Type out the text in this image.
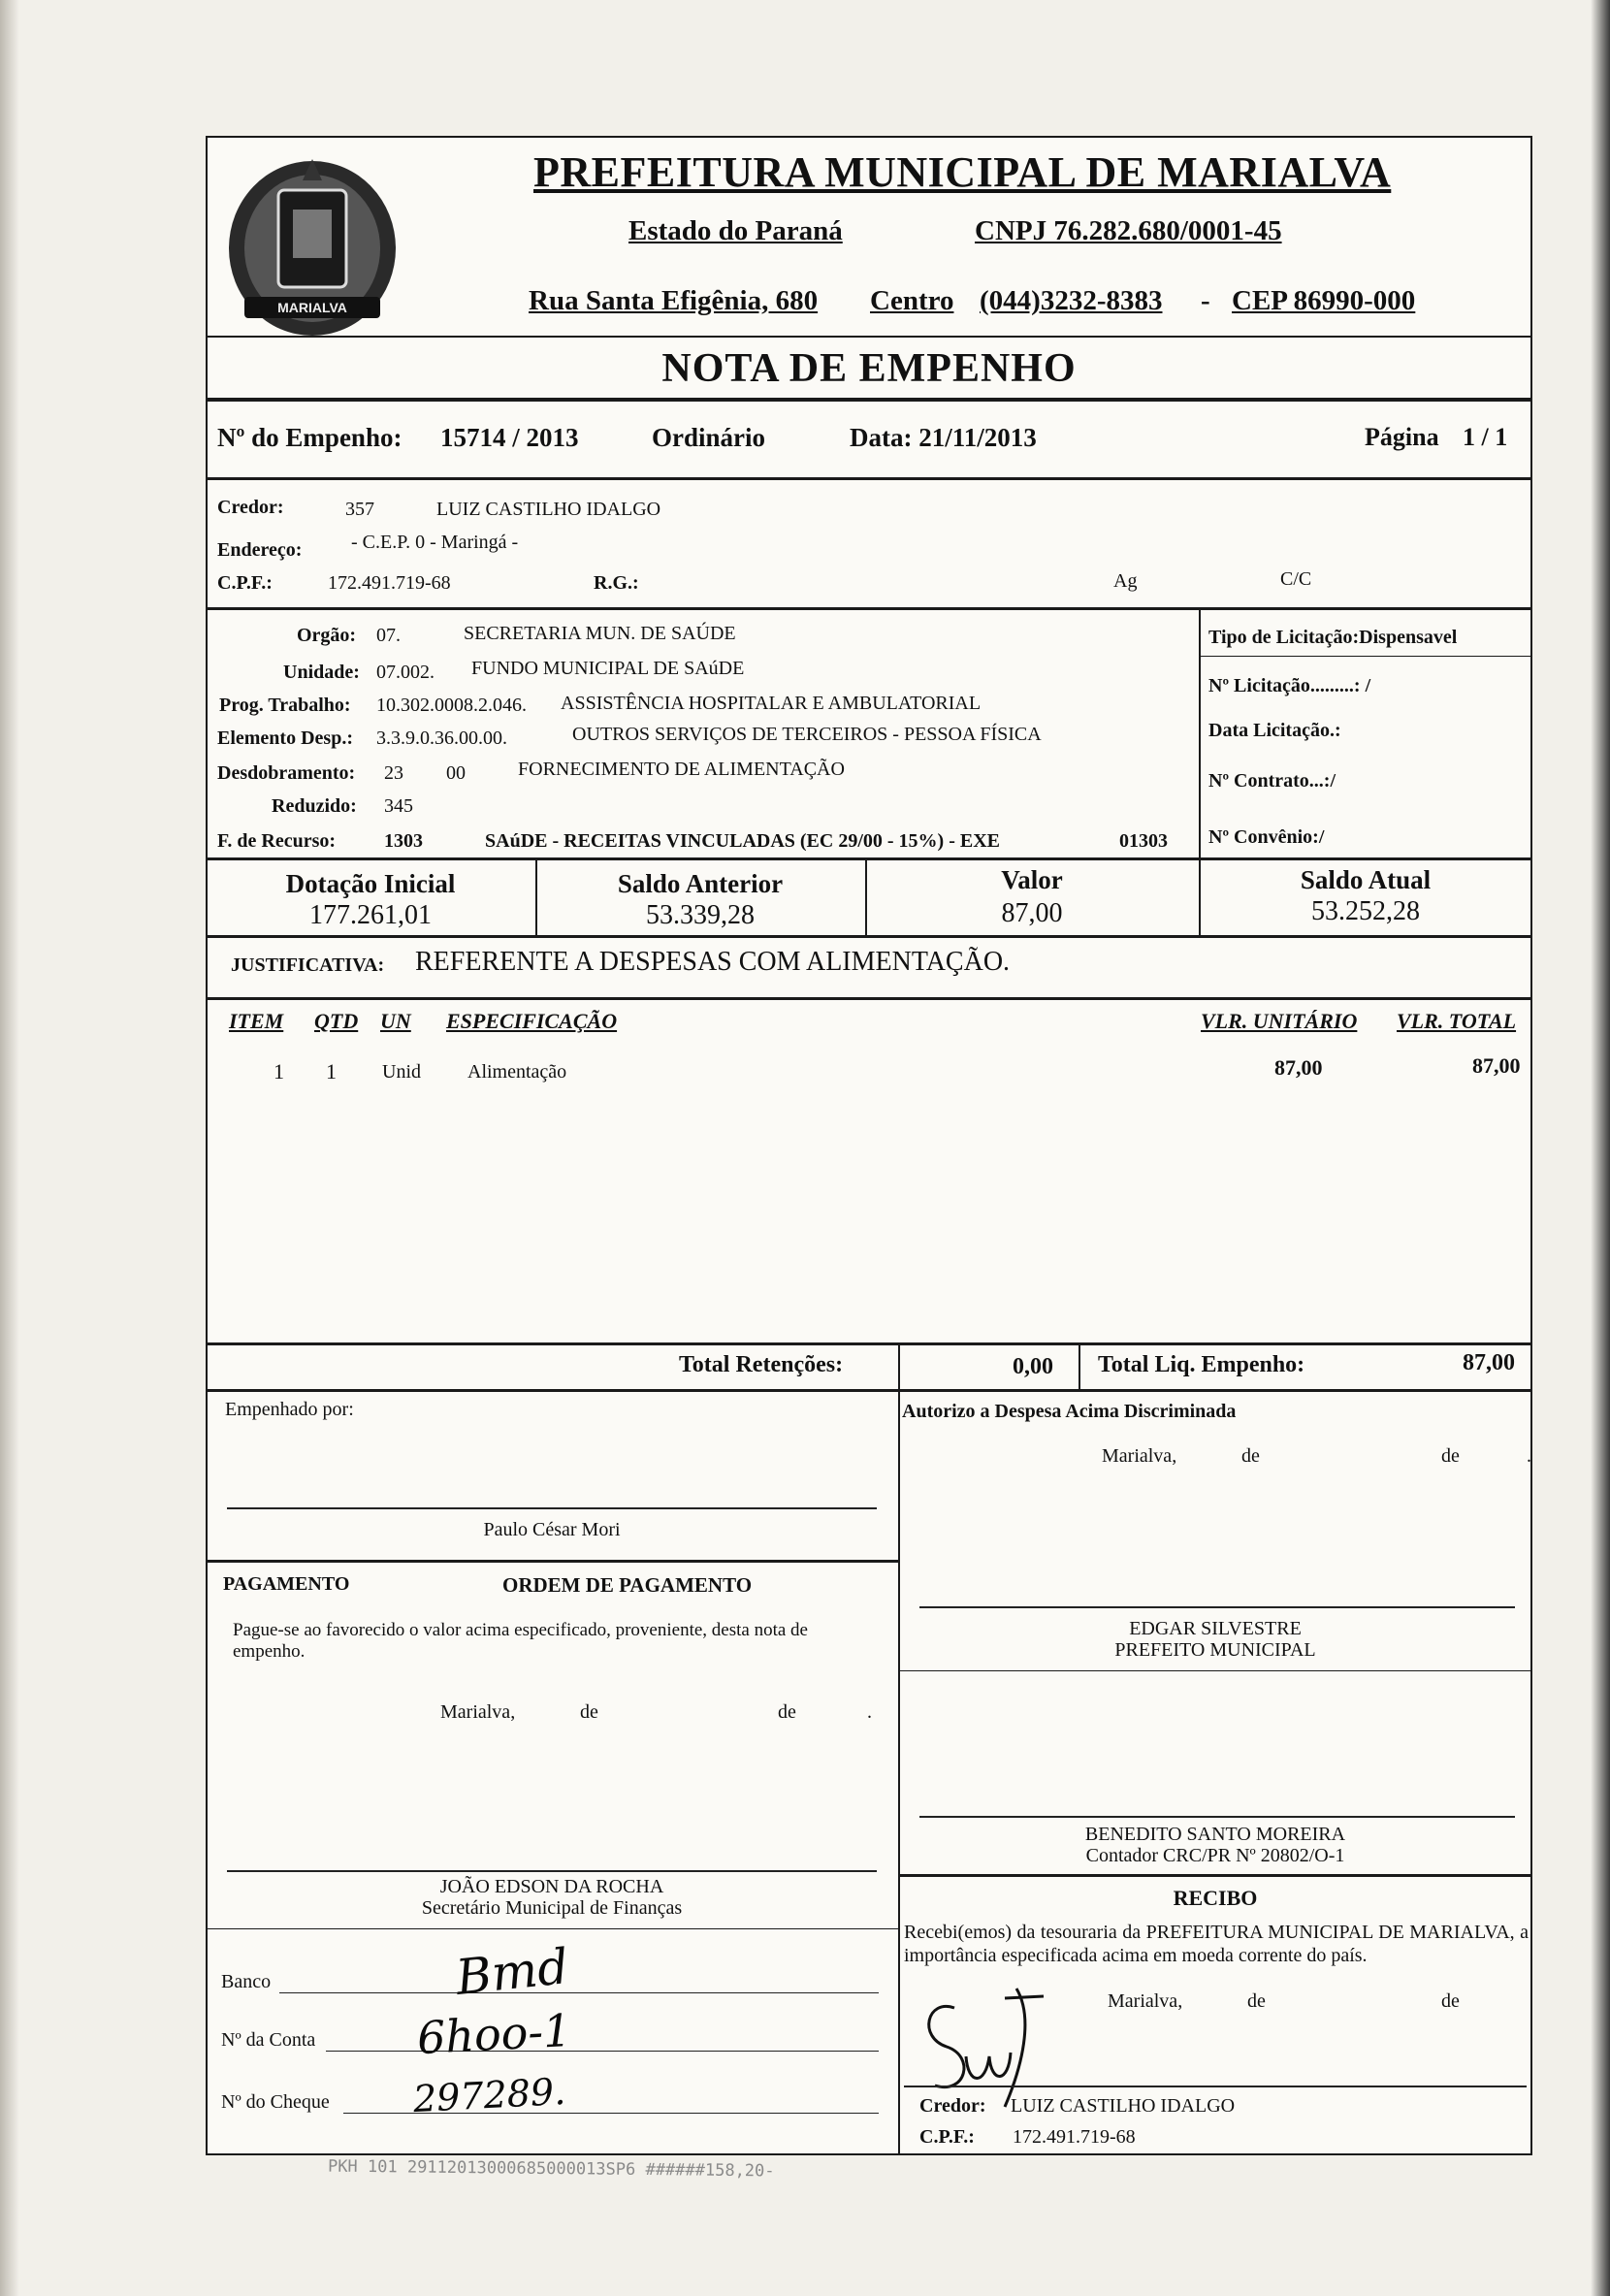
MARIALVA
PREFEITURA MUNICIPAL DE MARIALVA
Estado do Paraná	CNPJ 76.282.680/0001-45
Rua Santa Efigênia, 680 Centro (044)3232-8383 - CEP 86990-000
NOTA DE EMPENHO
Nº do Empenho: 15714 / 2013	Ordinário	Data: 21/11/2013	Página 1 / 1
Credor:	357	LUIZ CASTILHO IDALGO
Endereço:	- C.E.P. 0 - Maringá -
C.P.F.:	172.491.719-68	R.G.:	Ag	C/C
Orgão: 07.	SECRETARIA MUN. DE SAÚDE
Unidade: 07.002. FUNDO MUNICIPAL DE SAúDE
Prog. Trabalho: 10.302.0008.2.046. ASSISTÊNCIA HOSPITALAR E AMBULATORIAL
Elemento Desp.: 3.3.9.0.36.00.00.	OUTROS SERVIÇOS DE TERCEIROS - PESSOA FÍSICA
Desdobramento: 23 00	FORNECIMENTO DE ALIMENTAÇÃO
Reduzido: 345
F. de Recurso: 1303	SAúDE - RECEITAS VINCULADAS (EC 29/00 - 15%) - EXE	01303
Tipo de Licitação:Dispensavel
Nº Licitação.........: /
Data Licitação.:
Nº Contrato...:/
Nº Convênio:/
Dotação Inicial
177.261,01
Saldo Anterior
53.339,28
Valor
87,00
Saldo Atual
53.252,28
JUSTIFICATIVA: REFERENTE A DESPESAS COM ALIMENTAÇÃO.
ITEM QTD UN ESPECIFICAÇÃO	VLR. UNITÁRIO VLR. TOTAL
1 1 Unid Alimentação	87,00	87,00
Total Retenções:	0,00 Total Liq. Empenho:	87,00
Empenhado por:
Paulo César Mori
Autorizo a Despesa Acima Discriminada
Marialva,	de	de	.
PAGAMENTO	ORDEM DE PAGAMENTO
Pague-se ao favorecido o valor acima especificado, proveniente, desta nota de empenho.
Marialva,	de	de	.
EDGAR SILVESTRE
PREFEITO MUNICIPAL
BENEDITO SANTO MOREIRA
Contador CRC/PR Nº 20802/O-1
JOÃO EDSON DA ROCHA
Secretário Municipal de Finanças
Banco	Bmd
Nº da Conta 6hoo-1
Nº do Cheque 297289.
RECIBO
Recebi(emos) da tesouraria da PREFEITURA MUNICIPAL DE MARIALVA, a importância especificada acima em moeda corrente do país.
Marialva,	de	de
Credor: LUIZ CASTILHO IDALGO
C.P.F.: 172.491.719-68
PKH 101 29112013000685000013SP6 ######158,20-
